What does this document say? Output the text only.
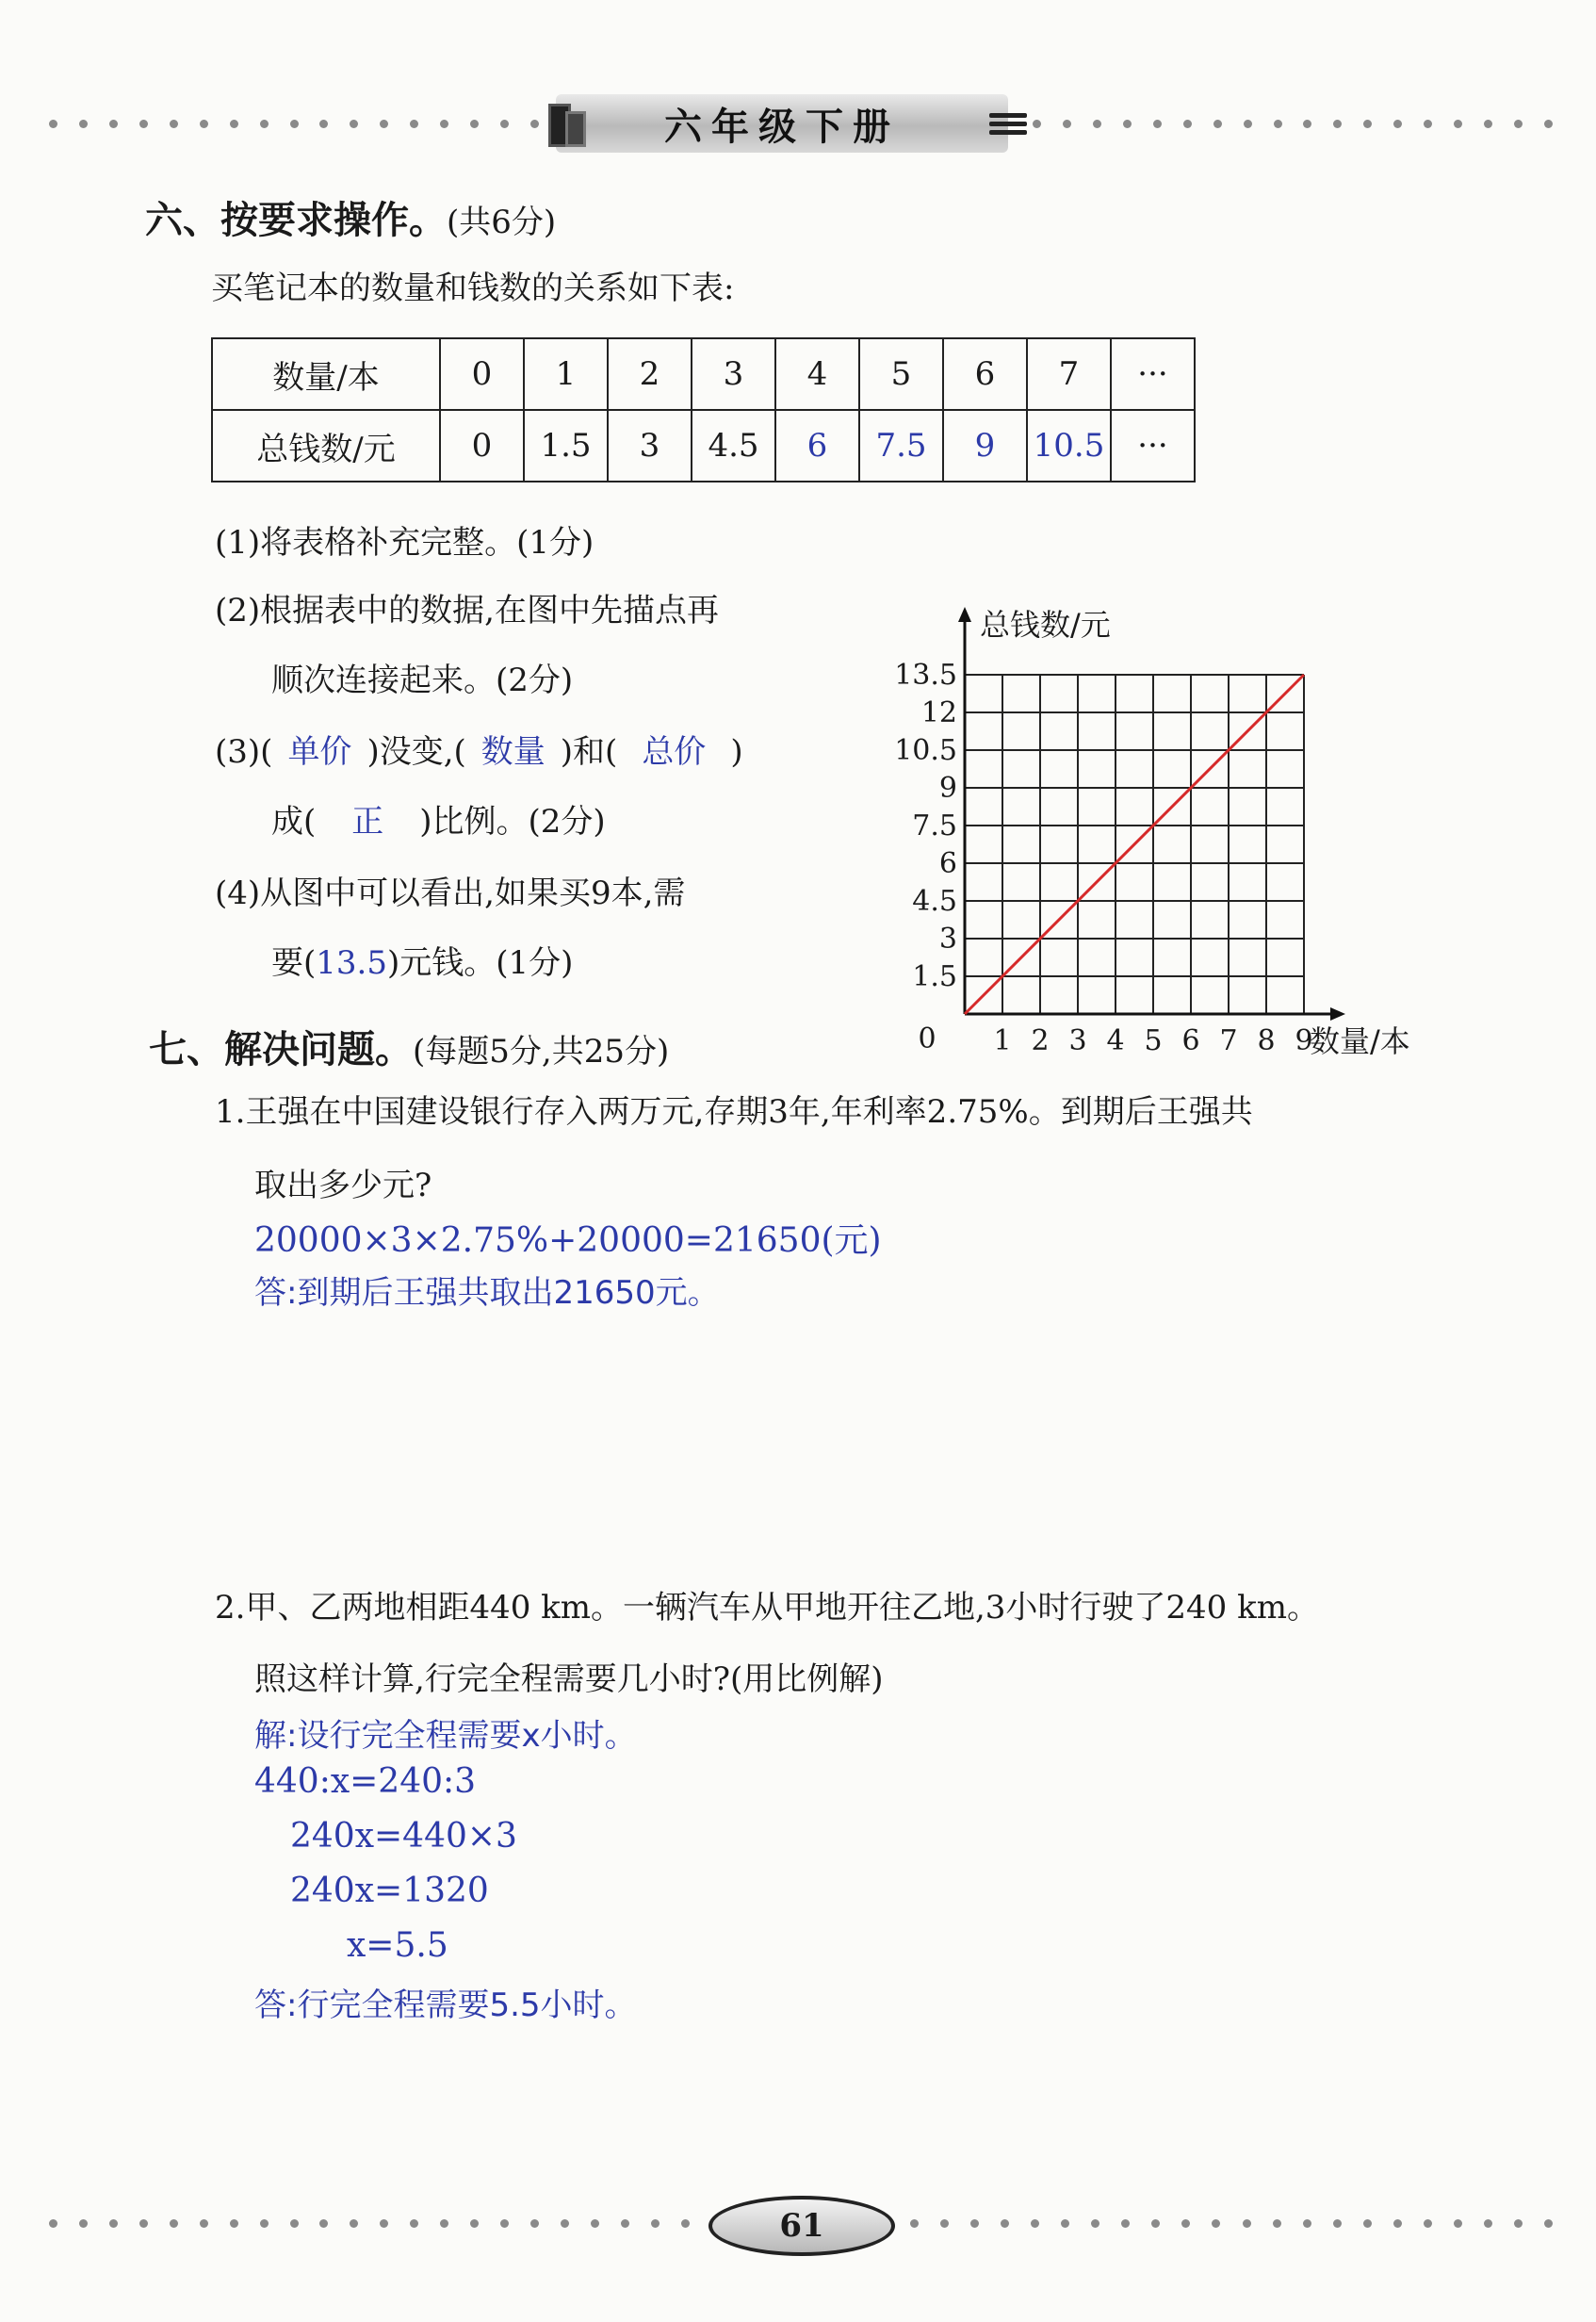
六年级下册
六、按要求操作。(共6分)
买笔记本的数量和钱数的关系如下表:
数量/本	0	1	2	3	4	5	6	7	···
总钱数/元	0	1.5	3	4.5	6	7.5	9	10.5	···
(1)将表格补充完整。(1分)
(2)根据表中的数据,在图中先描点再
顺次连接起来。(2分)
(3)( 单价 )没变,( 数量 )和( 总价 )
成( 正 )比例。(2分)
(4)从图中可以看出,如果买9本,需
要(13.5)元钱。(1分)
1 2 3 4 5 6 7 8 9
1.5
3
4.5
6
7.5
9
10.5
12
13.5
0
总钱数/元
数量/本
七、解决问题。(每题5分,共25分)
1.王强在中国建设银行存入两万元,存期3年,年利率2.75%。到期后王强共
取出多少元?
20000×3×2.75%+20000=21650(元)
答:到期后王强共取出21650元。
2.甲、乙两地相距440 km。一辆汽车从甲地开往乙地,3小时行驶了240 km。
照这样计算,行完全程需要几小时?(用比例解)
解:设行完全程需要x小时。
440:x=240:3
240x=440×3
240x=1320
x=5.5
答:行完全程需要5.5小时。
61
